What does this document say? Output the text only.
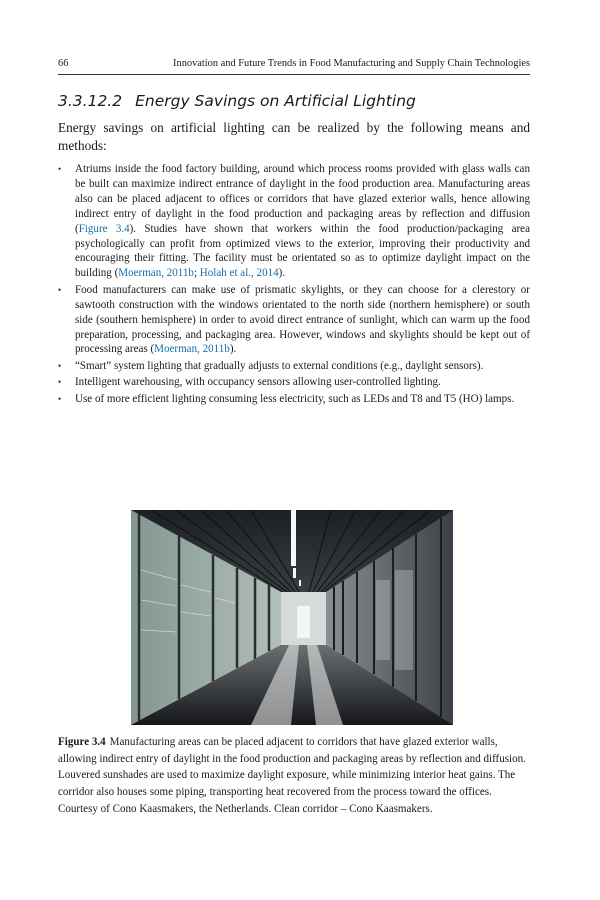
66	Innovation and Future Trends in Food Manufacturing and Supply Chain Technologies
3.3.12.2 Energy Savings on Artificial Lighting

Energy savings on artificial lighting can be realized by the following means and methods:

• Atriums inside the food factory building, around which process rooms provided with glass walls can be built can maximize indirect entrance of daylight in the food production area. Manufacturing areas also can be placed adjacent to offices or corridors that have glazed exterior walls, hence allowing indirect entry of daylight in the food production and packaging areas by reflection and diffusion (Figure 3.4). Studies have shown that workers within the food production/packaging area psychologically can profit from optimized views to the exterior, improving their productivity and encouraging their fitting. The facility must be orientated so as to optimize daylight impact on the building (Moerman, 2011b; Holah et al., 2014).
• Food manufacturers can make use of prismatic skylights, or they can choose for a clerestory or sawtooth construction with the windows orientated to the north side (northern hemisphere) or south side (southern hemisphere) in order to avoid direct entrance of sunlight, which can warm up the food preparation, processing, and packaging area. However, windows and skylights should be kept out of processing areas (Moerman, 2011b).
• “Smart” system lighting that gradually adjusts to external conditions (e.g., daylight sensors).
• Intelligent warehousing, with occupancy sensors allowing user-controlled lighting.
• Use of more efficient lighting consuming less electricity, such as LEDs and T8 and T5 (HO) lamps.

Figure 3.4 Manufacturing areas can be placed adjacent to corridors that have glazed exterior walls, allowing indirect entry of daylight in the food production and packaging areas by reflection and diffusion. Louvered sunshades are used to maximize daylight exposure, while minimizing interior heat gains. The corridor also houses some piping, transporting heat recovered from the process toward the offices.
Courtesy of Cono Kaasmakers, the Netherlands. Clean corridor – Cono Kaasmakers.
